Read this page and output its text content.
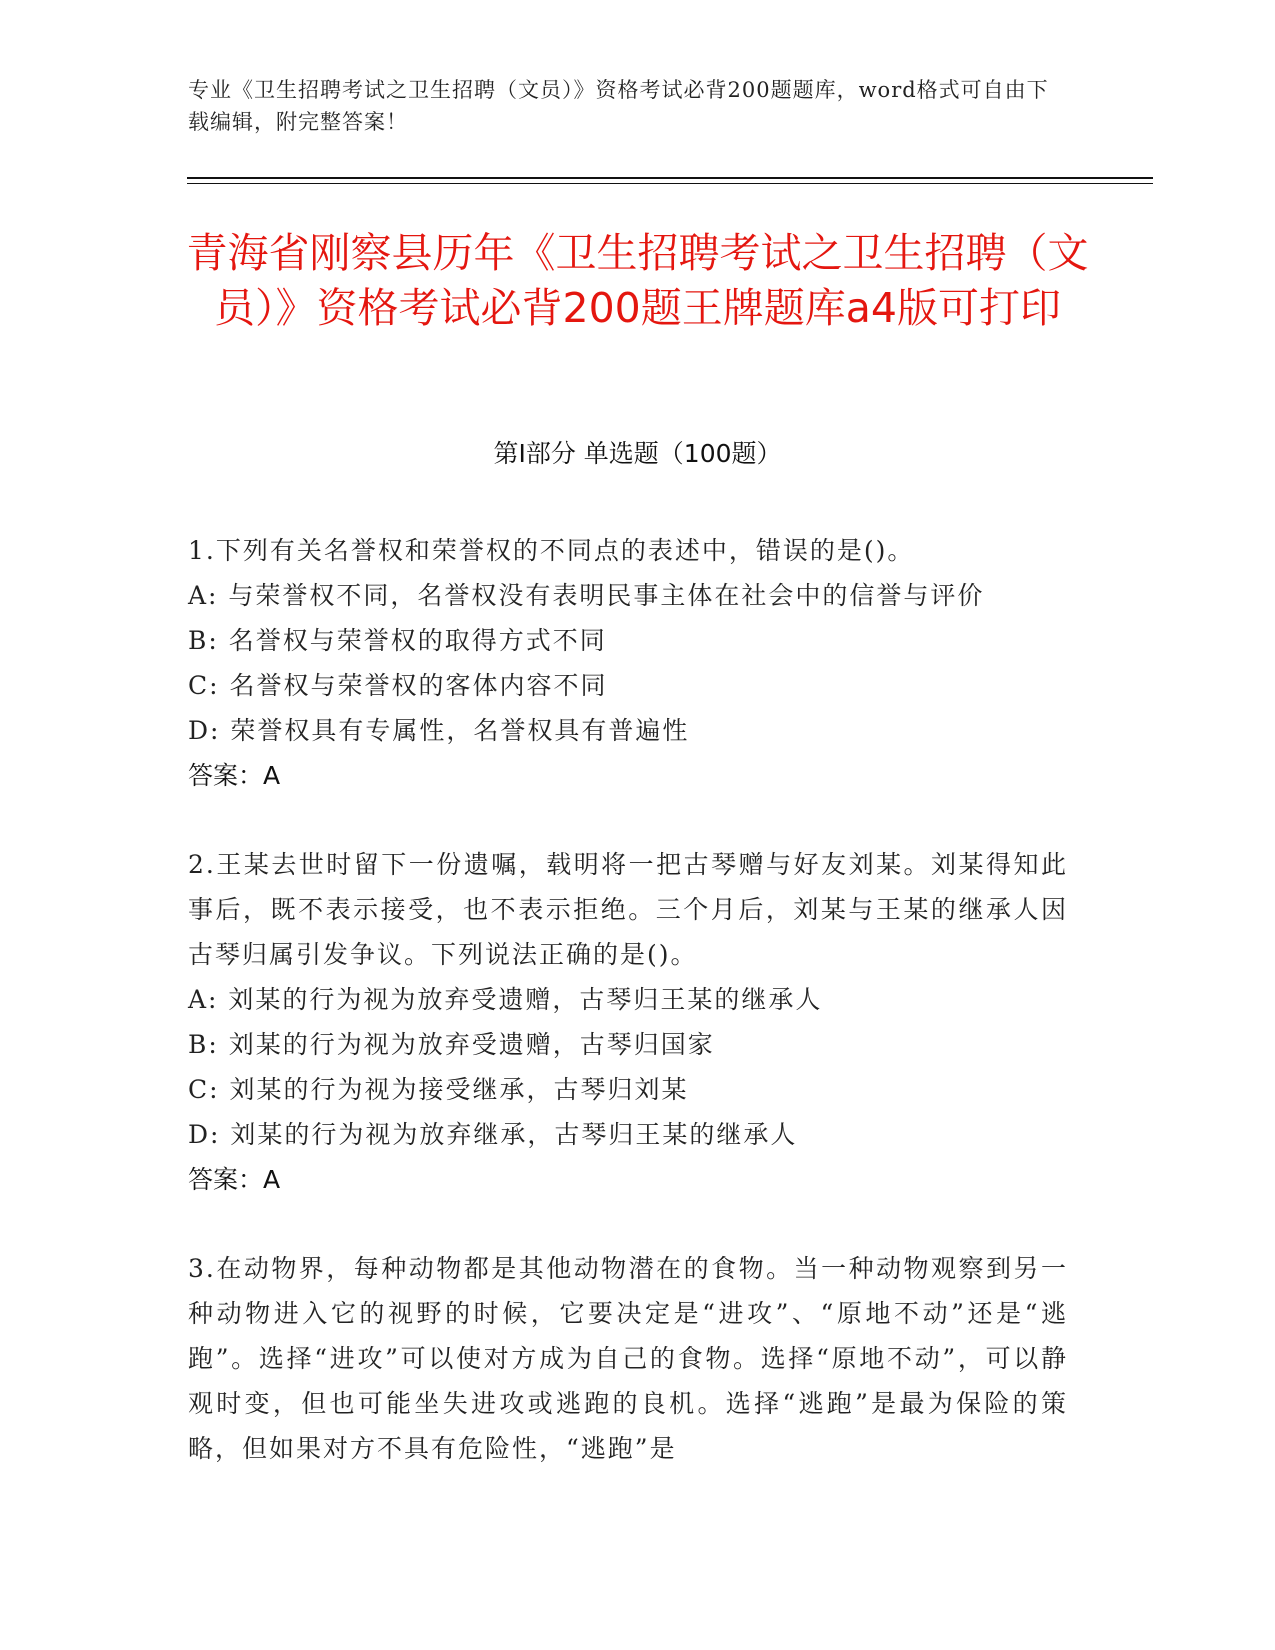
专业《卫生招聘考试之卫生招聘（文员）》资格考试必背200题题库，word格式可自由下载编辑，附完整答案！
青海省刚察县历年《卫生招聘考试之卫生招聘（文员）》资格考试必背200题王牌题库a4版可打印
第Ⅰ部分 单选题（100题）

1.下列有关名誉权和荣誉权的不同点的表述中，错误的是()。

A: 与荣誉权不同，名誉权没有表明民事主体在社会中的信誉与评价

B: 名誉权与荣誉权的取得方式不同

C: 名誉权与荣誉权的客体内容不同

D: 荣誉权具有专属性，名誉权具有普遍性

答案：A

2.王某去世时留下一份遗嘱，载明将一把古琴赠与好友刘某。刘某得知此事后，既不表示接受，也不表示拒绝。三个月后，刘某与王某的继承人因古琴归属引发争议。下列说法正确的是()。

A: 刘某的行为视为放弃受遗赠，古琴归王某的继承人

B: 刘某的行为视为放弃受遗赠，古琴归国家

C: 刘某的行为视为接受继承，古琴归刘某

D: 刘某的行为视为放弃继承，古琴归王某的继承人

答案：A

3.在动物界，每种动物都是其他动物潜在的食物。当一种动物观察到另一种动物进入它的视野的时候，它要决定是“进攻”、“原地不动”还是“逃跑”。选择“进攻”可以使对方成为自己的食物。选择“原地不动”，可以静观时变，但也可能坐失进攻或逃跑的良机。选择“逃跑”是最为保险的策略，但如果对方不具有危险性，“逃跑”是
